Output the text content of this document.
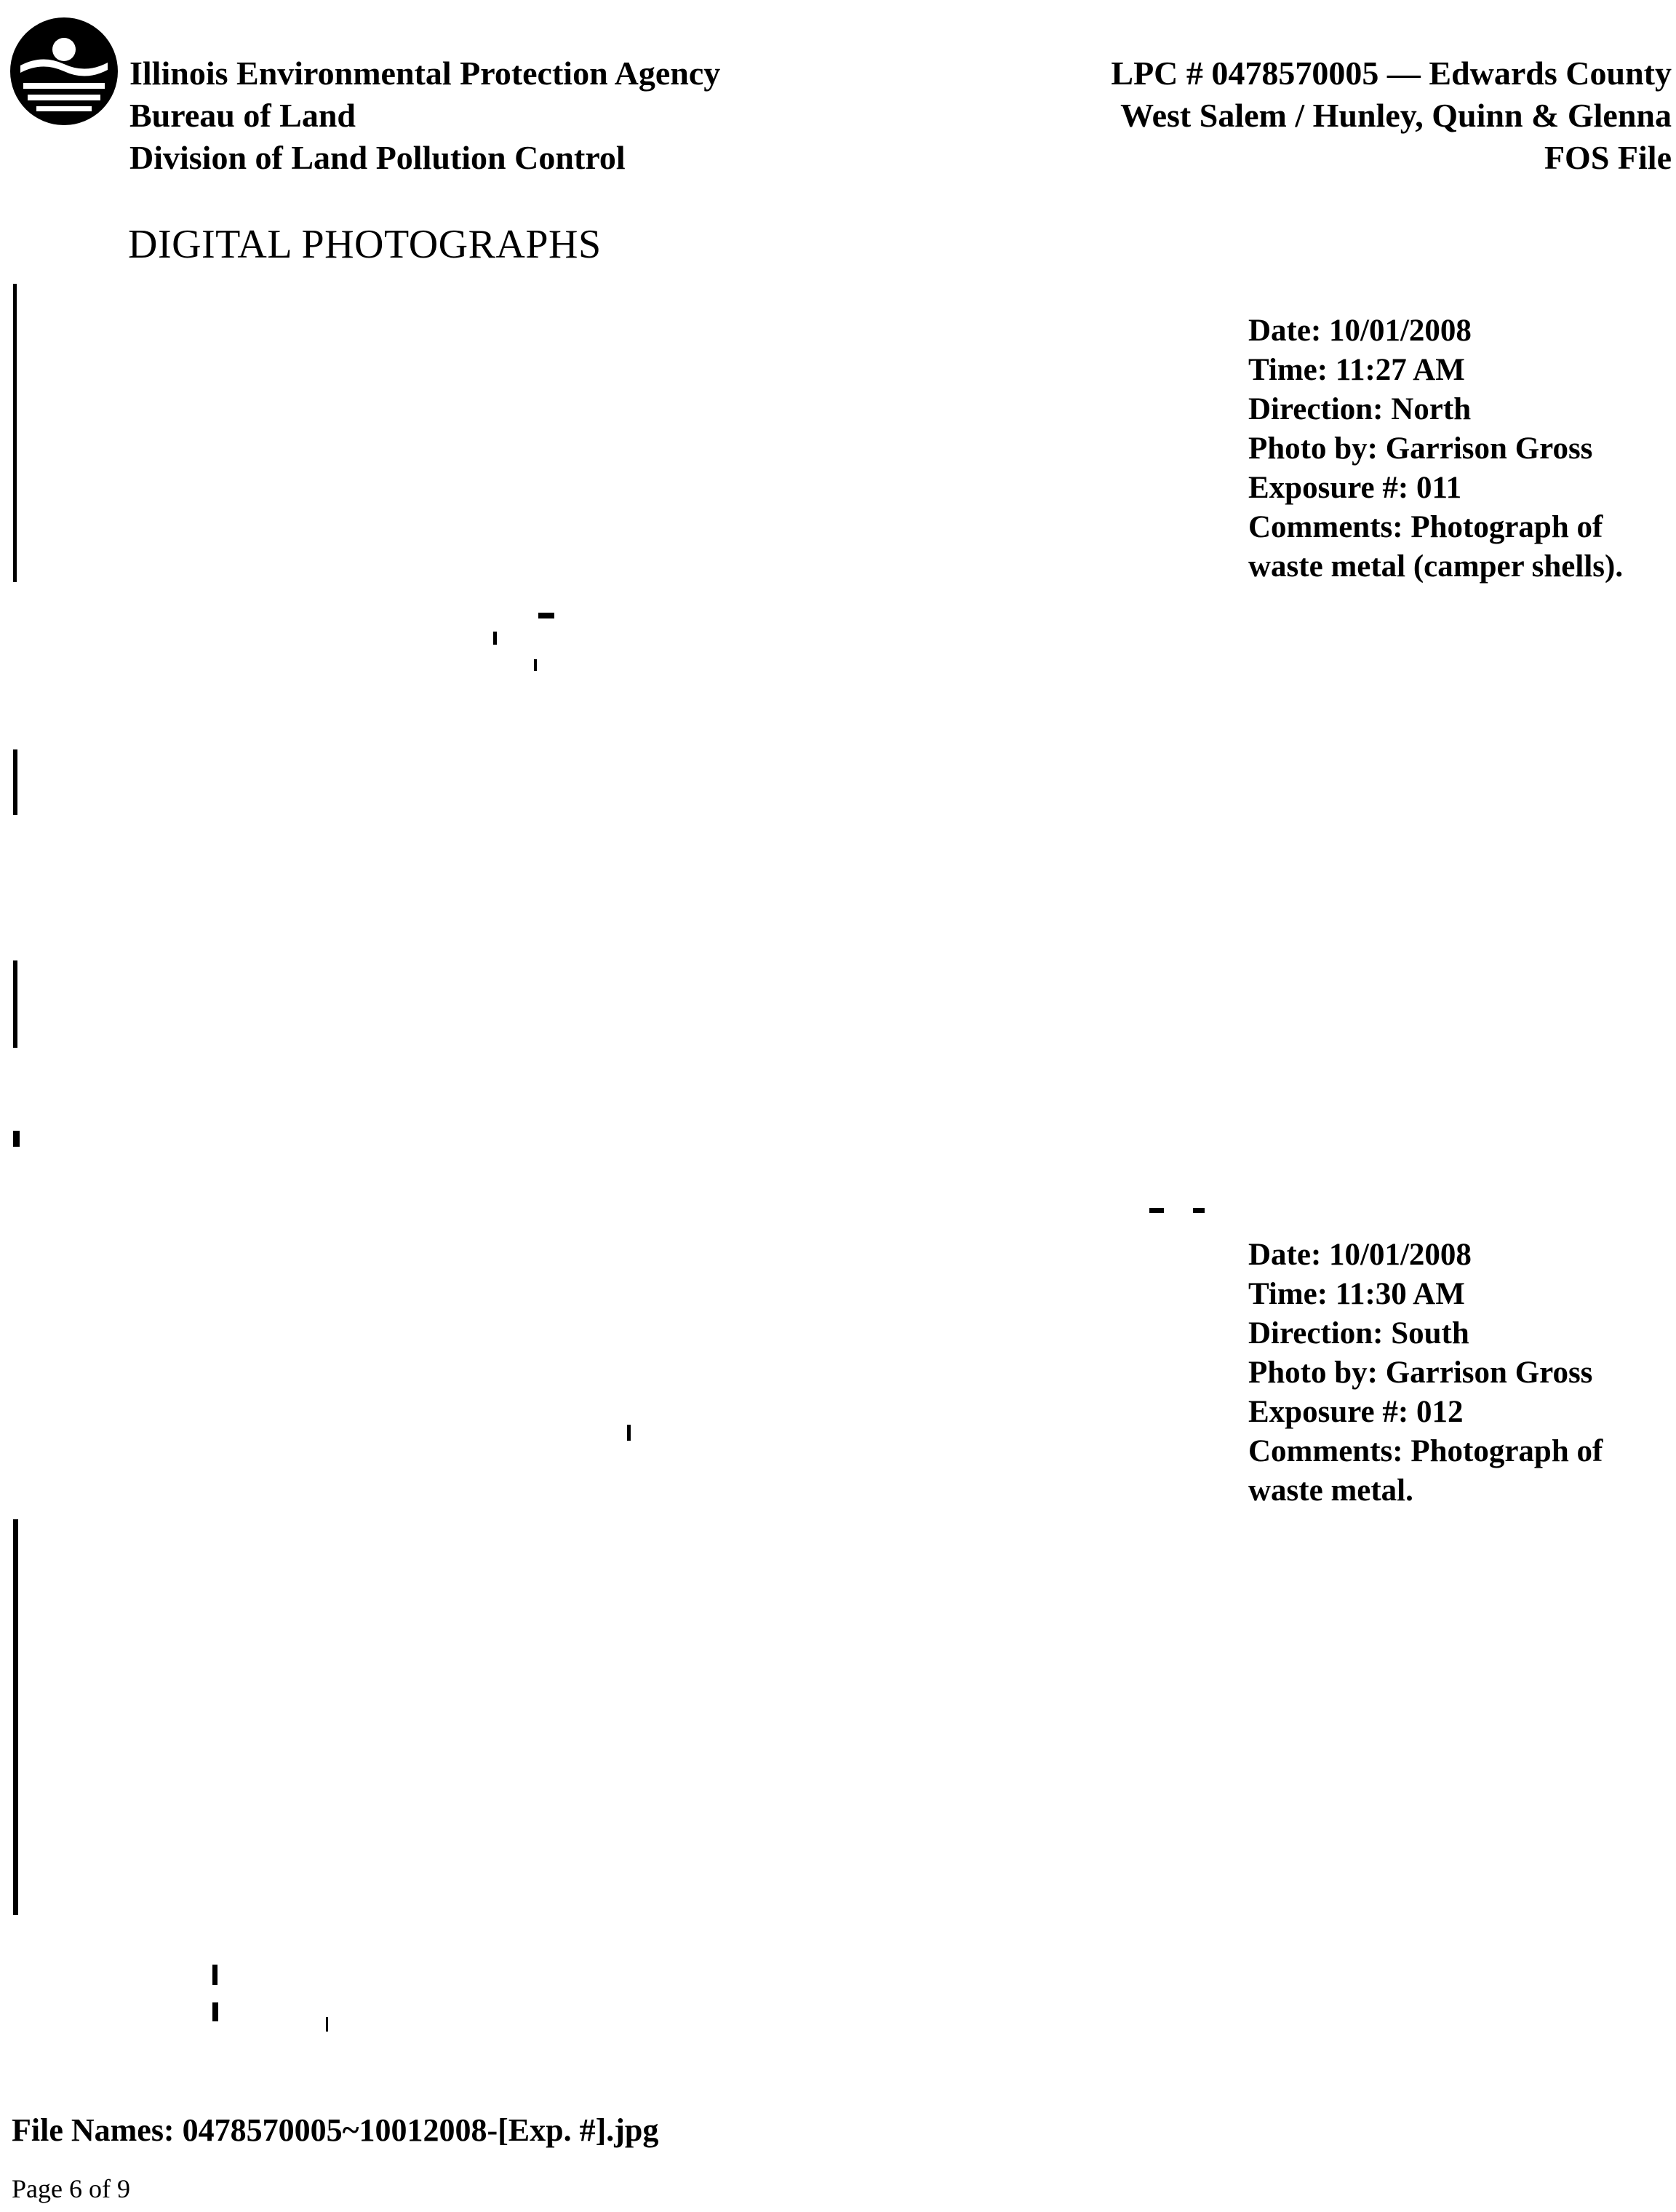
Illinois Environmental Protection Agency
Bureau of Land
Division of Land Pollution Control
LPC # 0478570005 — Edwards County
West Salem / Hunley, Quinn & Glenna
FOS File
DIGITAL PHOTOGRAPHS
Date: 10/01/2008
Time: 11:27 AM
Direction: North
Photo by: Garrison Gross
Exposure #: 011
Comments: Photograph of waste metal (camper shells).
Date: 10/01/2008
Time: 11:30 AM
Direction: South
Photo by: Garrison Gross
Exposure #: 012
Comments: Photograph of waste metal.
File Names: 0478570005~10012008-[Exp. #].jpg
Page 6 of 9
